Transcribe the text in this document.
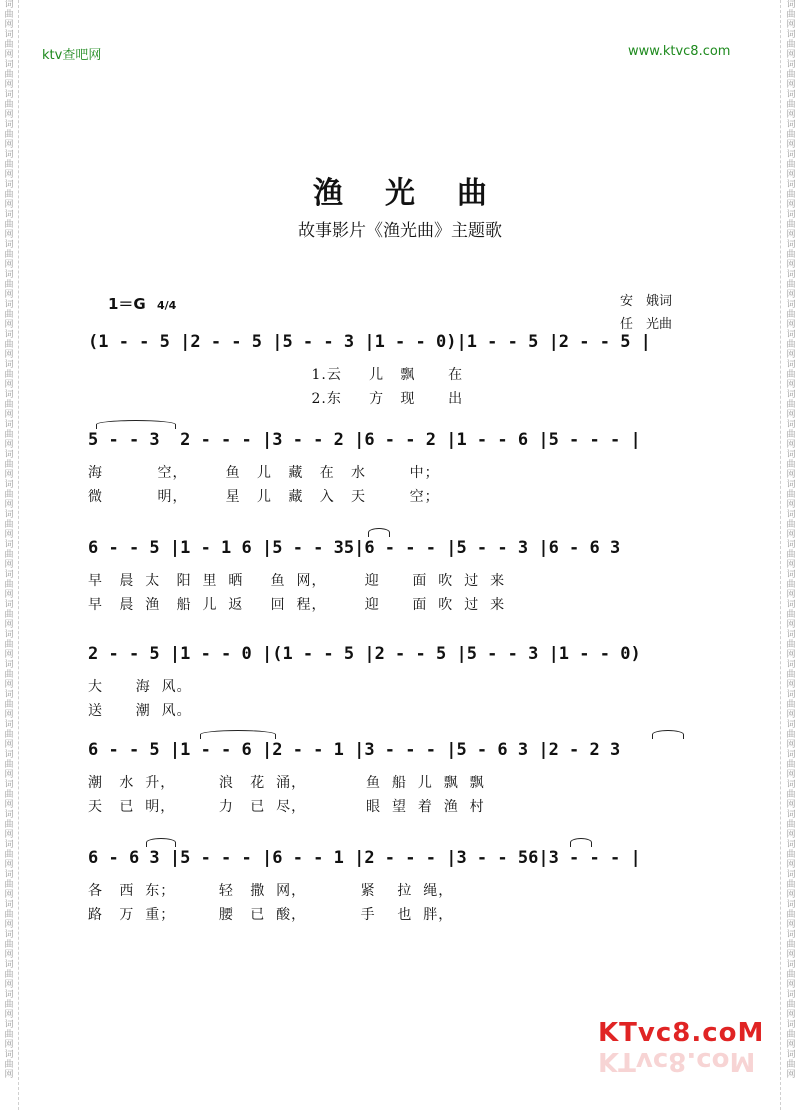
词
曲
网
词
曲
网
词
曲
网
词
曲
网
词
曲
网
词
曲
网
词
曲
网
词
曲
网
词
曲
网
词
曲
网
词
曲
网
词
曲
网
词
曲
网
词
曲
网
词
曲
网
词
曲
网
词
曲
网
词
曲
网
词
曲
网
词
曲
网
词
曲
网
词
曲
网
词
曲
网
词
曲
网
词
曲
网
词
曲
网
词
曲
网
词
曲
网
词
曲
网
词
曲
网
词
曲
网
词
曲
网
词
曲
网
词
曲
网
词
曲
网
词
曲
网
词
曲
网
词
曲
网
词
曲
网
词
曲
网
词
曲
网
词
曲
网
词
曲
网
词
曲
网
词
曲
网
词
曲
网
词
曲
网
词
曲
网
词
曲
网
词
曲
网
词
曲
网
词
曲
网
词
曲
网
词
曲
网
词
曲
网
词
曲
网
词
曲
网
词
曲
网
词
曲
网
词
曲
网
词
曲
网
词
曲
网
词
曲
网
词
曲
网
词
曲
网
词
曲
网
词
曲
网
词
曲
网
词
曲
网
词
曲
网
词
曲
网
词
曲
网
ktv查吧网	www.ktvc8.com
渔光曲
故事影片《渔光曲》主题歌
1＝G 4/4	安　娥词
任　光曲
(1 - - 5 |2 - - 5 |5 - - 3 |1 - - 0)|1 - - 5 |2 - - 5 |
1.云     儿   飘      在
2.东     方   现      出
5 - - 3  2 - - - |3 - - 2 |6 - - 2 |1 - - 6 |5 - - - |
海          空，       鱼   儿   藏   在   水        中；
微          明，       星   儿   藏   入   天        空；
6 - - 5 |1 - 1 6 |5 - - 35|6 - - - |5 - - 3 |6 - 6 3
早   晨  太   阳  里  晒     鱼  网，       迎      面  吹  过  来
早   晨  渔   船  儿  返     回  程，       迎      面  吹  过  来
2 - - 5 |1 - - 0 |(1 - - 5 |2 - - 5 |5 - - 3 |1 - - 0)
大      海  风。
送      潮  风。
6 - - 5 |1 - - 6 |2 - - 1 |3 - - - |5 - 6 3 |2 - 2 3
潮   水  升，        浪   花  涌，           鱼  船  儿  飘  飘
天   已  明，        力   已  尽，           眼  望  着  渔  村
6 - 6 3 |5 - - - |6 - - 1 |2 - - - |3 - - 56|3 - - - |
各   西  东；        轻   撒  网，          紧    拉  绳，
路   万  重；        腰   已  酸，          手    也  胖，
KTvc8.coM
KTvc8.coM
